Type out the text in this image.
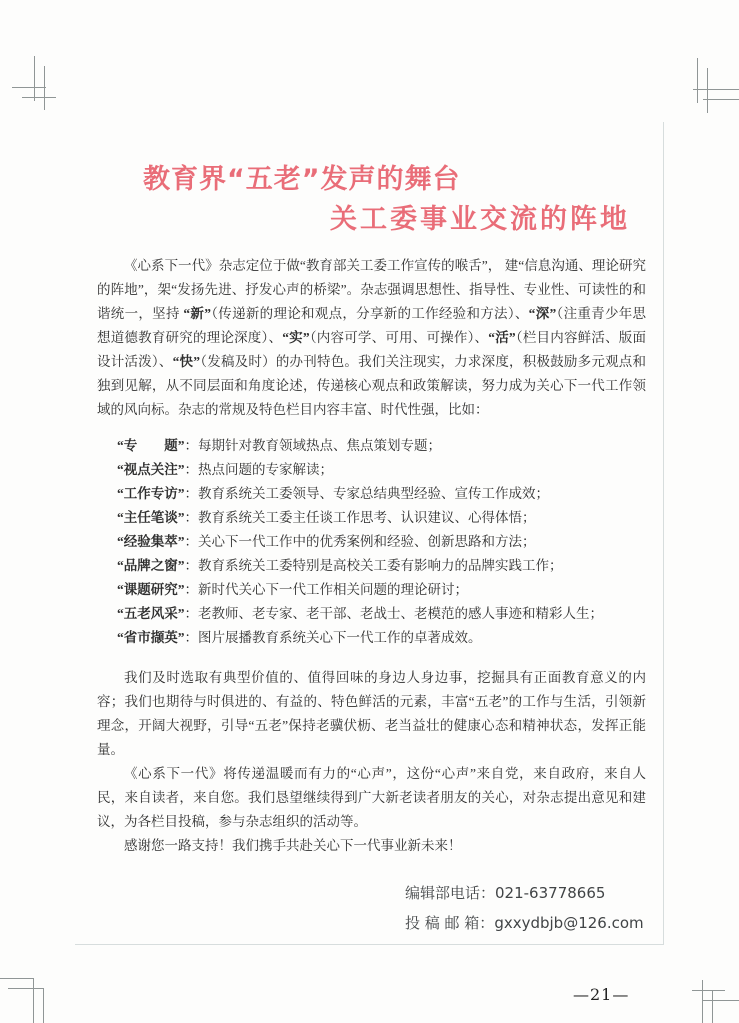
教育界“五老”发声的舞台
关工委事业交流的阵地

《心系下一代》杂志定位于做“教育部关工委工作宣传的喉舌”， 建“信息沟通、理论研究的阵地”，架“发扬先进、抒发心声的桥梁”。杂志强调思想性、指导性、专业性、可读性的和谐统一，坚持 “新”（传递新的理论和观点，分享新的工作经验和方法）、“深”（注重青少年思想道德教育研究的理论深度）、“实”（内容可学、可用、可操作）、“活”（栏目内容鲜活、版面设计活泼）、“快”（发稿及时）的办刊特色。我们关注现实，力求深度，积极鼓励多元观点和独到见解，从不同层面和角度论述，传递核心观点和政策解读，努力成为关心下一代工作领域的风向标。杂志的常规及特色栏目内容丰富、时代性强，比如：

“专　　题”：每期针对教育领域热点、焦点策划专题；
“视点关注”：热点问题的专家解读；
“工作专访”：教育系统关工委领导、专家总结典型经验、宣传工作成效；
“主任笔谈”：教育系统关工委主任谈工作思考、认识建议、心得体悟；
“经验集萃”：关心下一代工作中的优秀案例和经验、创新思路和方法；
“品牌之窗”：教育系统关工委特别是高校关工委有影响力的品牌实践工作；
“课题研究”：新时代关心下一代工作相关问题的理论研讨；
“五老风采”：老教师、老专家、老干部、老战士、老模范的感人事迹和精彩人生；
“省市撷英”：图片展播教育系统关心下一代工作的卓著成效。

我们及时选取有典型价值的、值得回味的身边人身边事，挖掘具有正面教育意义的内容；我们也期待与时俱进的、有益的、特色鲜活的元素，丰富“五老”的工作与生活，引领新理念，开阔大视野，引导“五老”保持老骥伏枥、老当益壮的健康心态和精神状态，发挥正能量。

《心系下一代》将传递温暖而有力的“心声”，这份“心声”来自党，来自政府，来自人民，来自读者，来自您。我们恳望继续得到广大新老读者朋友的关心，对杂志提出意见和建议，为各栏目投稿，参与杂志组织的活动等。

感谢您一路支持！我们携手共赴关心下一代事业新未来！

编辑部电话：021-63778665
投 稿 邮 箱：gxxydbjb@126.com
—21—
